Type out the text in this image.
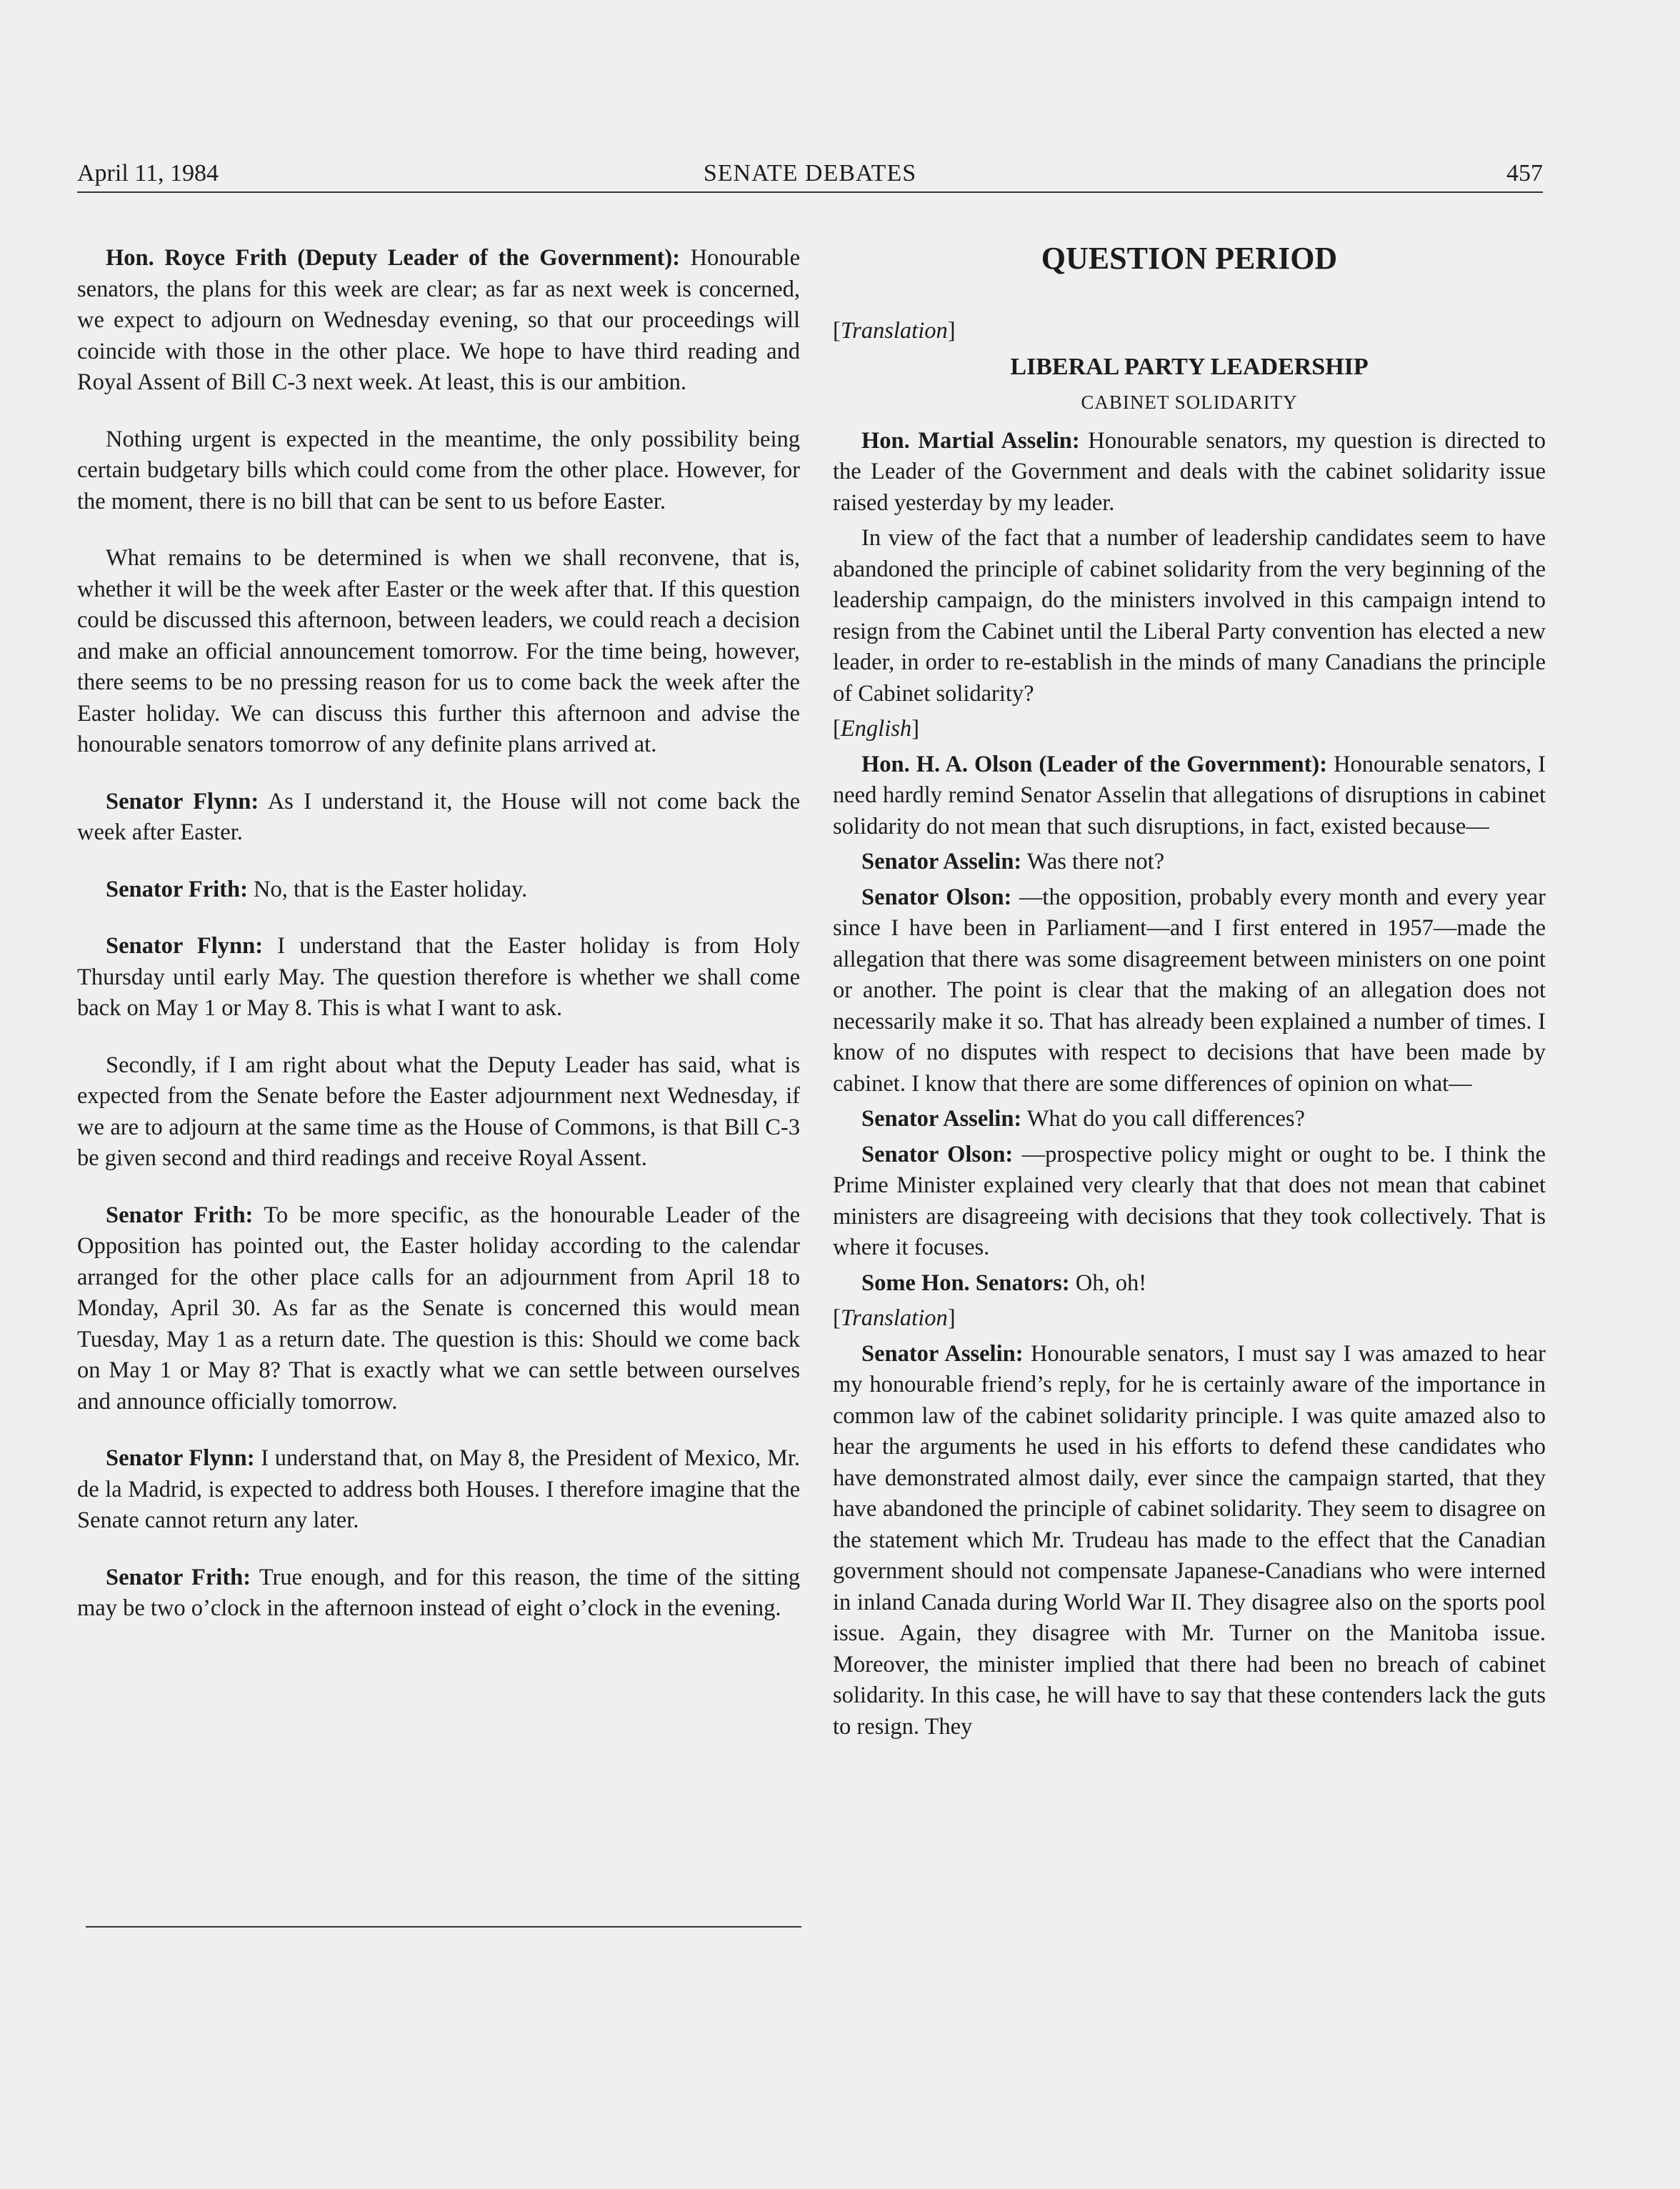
April 11, 1984	SENATE DEBATES	457

Hon. Royce Frith (Deputy Leader of the Government): Honourable senators, the plans for this week are clear; as far as next week is concerned, we expect to adjourn on Wednesday evening, so that our proceedings will coincide with those in the other place. We hope to have third reading and Royal Assent of Bill C-3 next week. At least, this is our ambition.

Nothing urgent is expected in the meantime, the only possibility being certain budgetary bills which could come from the other place. However, for the moment, there is no bill that can be sent to us before Easter.

What remains to be determined is when we shall reconvene, that is, whether it will be the week after Easter or the week after that. If this question could be discussed this afternoon, between leaders, we could reach a decision and make an official announcement tomorrow. For the time being, however, there seems to be no pressing reason for us to come back the week after the Easter holiday. We can discuss this further this afternoon and advise the honourable senators tomorrow of any definite plans arrived at.

Senator Flynn: As I understand it, the House will not come back the week after Easter.

Senator Frith: No, that is the Easter holiday.

Senator Flynn: I understand that the Easter holiday is from Holy Thursday until early May. The question therefore is whether we shall come back on May 1 or May 8. This is what I want to ask.

Secondly, if I am right about what the Deputy Leader has said, what is expected from the Senate before the Easter adjournment next Wednesday, if we are to adjourn at the same time as the House of Commons, is that Bill C-3 be given second and third readings and receive Royal Assent.

Senator Frith: To be more specific, as the honourable Leader of the Opposition has pointed out, the Easter holiday according to the calendar arranged for the other place calls for an adjournment from April 18 to Monday, April 30. As far as the Senate is concerned this would mean Tuesday, May 1 as a return date. The question is this: Should we come back on May 1 or May 8? That is exactly what we can settle between ourselves and announce officially tomorrow.

Senator Flynn: I understand that, on May 8, the President of Mexico, Mr. de la Madrid, is expected to address both Houses. I therefore imagine that the Senate cannot return any later.

Senator Frith: True enough, and for this reason, the time of the sitting may be two o’clock in the afternoon instead of eight o’clock in the evening.

QUESTION PERIOD
[Translation]
LIBERAL PARTY LEADERSHIP
CABINET SOLIDARITY

Hon. Martial Asselin: Honourable senators, my question is directed to the Leader of the Government and deals with the cabinet solidarity issue raised yesterday by my leader.

In view of the fact that a number of leadership candidates seem to have abandoned the principle of cabinet solidarity from the very beginning of the leadership campaign, do the ministers involved in this campaign intend to resign from the Cabinet until the Liberal Party convention has elected a new leader, in order to re-establish in the minds of many Canadians the principle of Cabinet solidarity?

[English]

Hon. H. A. Olson (Leader of the Government): Honourable senators, I need hardly remind Senator Asselin that allegations of disruptions in cabinet solidarity do not mean that such disruptions, in fact, existed because—

Senator Asselin: Was there not?

Senator Olson: —the opposition, probably every month and every year since I have been in Parliament—and I first entered in 1957—made the allegation that there was some disagreement between ministers on one point or another. The point is clear that the making of an allegation does not necessarily make it so. That has already been explained a number of times. I know of no disputes with respect to decisions that have been made by cabinet. I know that there are some differences of opinion on what—

Senator Asselin: What do you call differences?

Senator Olson: —prospective policy might or ought to be. I think the Prime Minister explained very clearly that that does not mean that cabinet ministers are disagreeing with decisions that they took collectively. That is where it focuses.

Some Hon. Senators: Oh, oh!

[Translation]

Senator Asselin: Honourable senators, I must say I was amazed to hear my honourable friend’s reply, for he is certainly aware of the importance in common law of the cabinet solidarity principle. I was quite amazed also to hear the arguments he used in his efforts to defend these candidates who have demonstrated almost daily, ever since the campaign started, that they have abandoned the principle of cabinet solidarity. They seem to disagree on the statement which Mr. Trudeau has made to the effect that the Canadian government should not compensate Japanese-Canadians who were interned in inland Canada during World War II. They disagree also on the sports pool issue. Again, they disagree with Mr. Turner on the Manitoba issue. Moreover, the minister implied that there had been no breach of cabinet solidarity. In this case, he will have to say that these contenders lack the guts to resign. They
